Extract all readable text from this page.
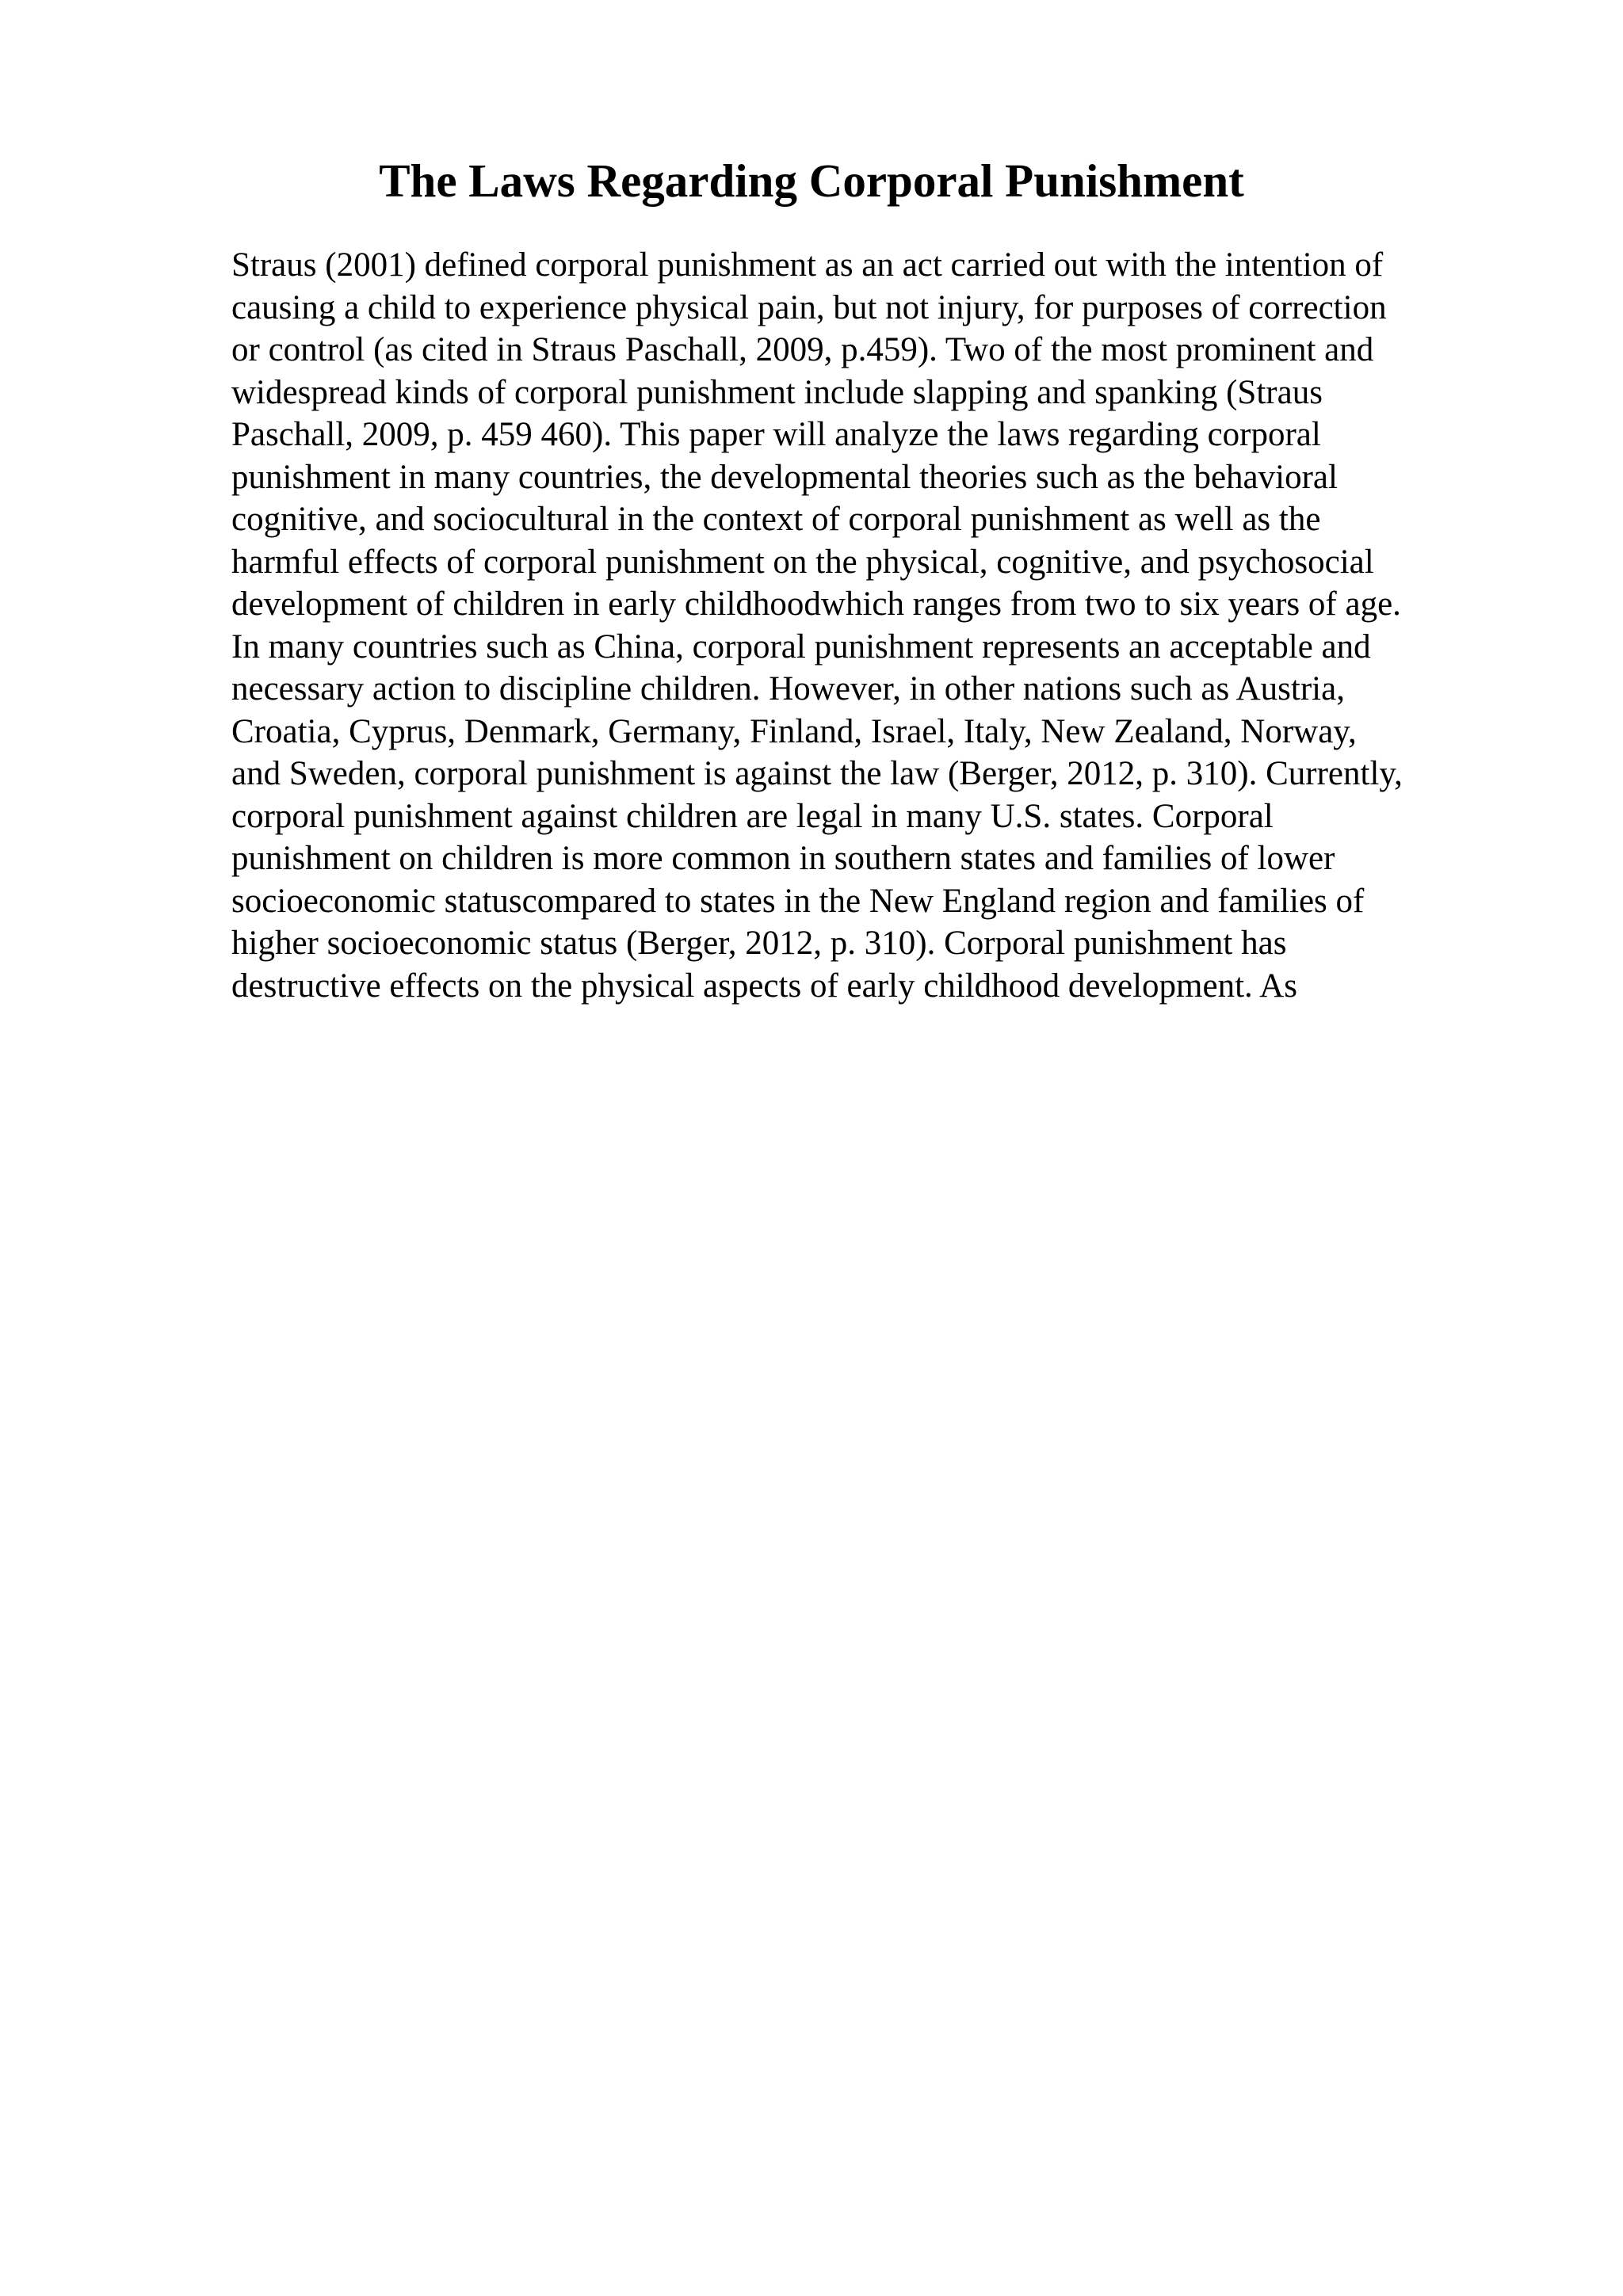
The Laws Regarding Corporal Punishment
Straus (2001) defined corporal punishment as an act carried out with the intention of
causing a child to experience physical pain, but not injury, for purposes of correction
or control (as cited in Straus Paschall, 2009, p.459). Two of the most prominent and
widespread kinds of corporal punishment include slapping and spanking (Straus
Paschall, 2009, p. 459 460). This paper will analyze the laws regarding corporal
punishment in many countries, the developmental theories such as the behavioral
cognitive, and sociocultural in the context of corporal punishment as well as the
harmful effects of corporal punishment on the physical, cognitive, and psychosocial
development of children in early childhoodwhich ranges from two to six years of age.
In many countries such as China, corporal punishment represents an acceptable and
necessary action to discipline children. However, in other nations such as Austria,
Croatia, Cyprus, Denmark, Germany, Finland, Israel, Italy, New Zealand, Norway,
and Sweden, corporal punishment is against the law (Berger, 2012, p. 310). Currently,
corporal punishment against children are legal in many U.S. states. Corporal
punishment on children is more common in southern states and families of lower
socioeconomic statuscompared to states in the New England region and families of
higher socioeconomic status (Berger, 2012, p. 310). Corporal punishment has
destructive effects on the physical aspects of early childhood development. As
